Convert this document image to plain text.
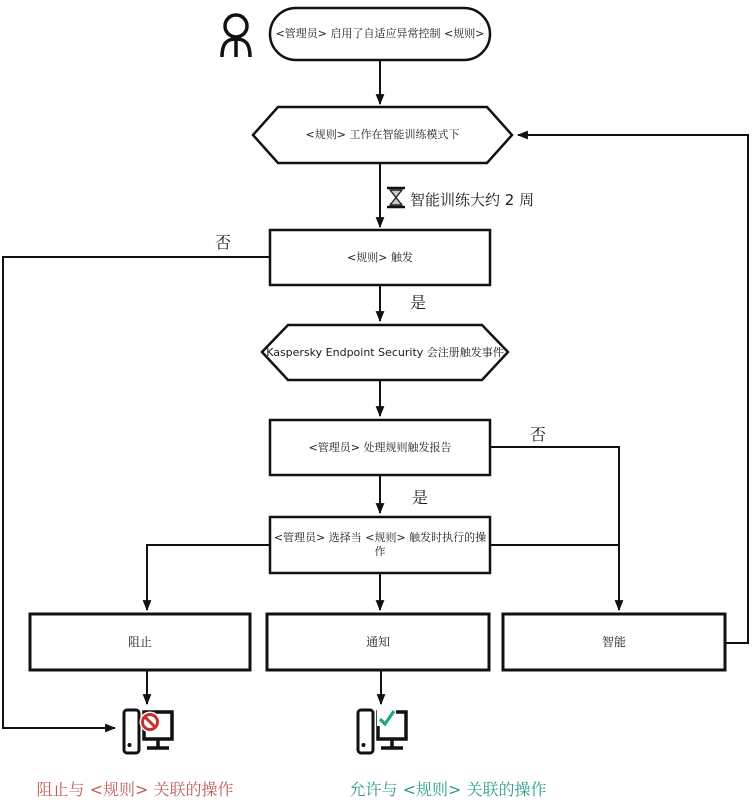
<管理员> 启用了自适应异常控制 <规则>
<规则> 工作在智能训练模式下
<规则> 触发
Kaspersky Endpoint Security 会注册触发事件
<管理员> 处理规则触发报告
<管理员> 选择当 <规则> 触发时执行的操作
阻止	通知	智能
否
是
否
是
智能训练大约 2 周
阻止与 <规则> 关联的操作	允许与 <规则> 关联的操作
